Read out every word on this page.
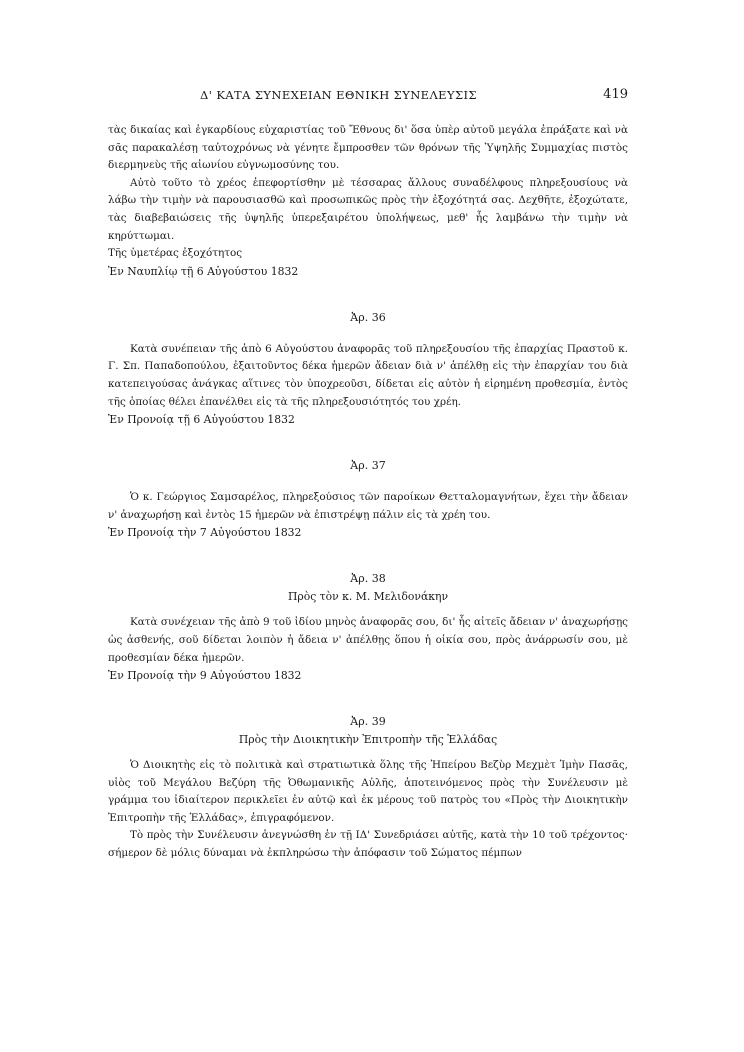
Δ' ΚΑΤΑ ΣΥΝΕΧΕΙΑΝ ΕΘΝΙΚΗ ΣΥΝΕΛΕΥΣΙΣ	419

τὰς δικαίας καὶ ἐγκαρδίους εὐχαριστίας τοῦ Ἔθνους δι' ὅσα ὑπὲρ αὐτοῦ μεγάλα ἐπράξατε καὶ νὰ σᾶς παρακαλέσῃ ταὐτοχρόνως νὰ γένητε ἔμπροσθεν τῶν θρόνων τῆς Ὑψηλῆς Συμμαχίας πιστὸς διερμηνεὺς τῆς αἰωνίου εὐγνωμοσύνης του.

Αὐτὸ τοῦτο τὸ χρέος ἐπεφορτίσθην μὲ τέσσαρας ἄλλους συναδέλφους πληρεξουσίους νὰ λάβω τὴν τιμὴν νὰ παρουσιασθῶ καὶ προσωπικῶς πρὸς τὴν ἐξοχότητά σας. Δεχθῆτε, ἐξοχώτατε, τὰς διαβεβαιώσεις τῆς ὑψηλῆς ὑπερεξαιρέτου ὑπολήψεως, μεθ' ἧς λαμβάνω τὴν τιμὴν νὰ κηρύττωμαι.

Τῆς ὑμετέρας ἐξοχότητος

Ἐν Ναυπλίῳ τῇ 6 Αὐγούστου 1832

Ἀρ. 36

Κατὰ συνέπειαν τῆς ἀπὸ 6 Αὐγούστου ἀναφορᾶς τοῦ πληρεξουσίου τῆς ἐπαρχίας Πραστοῦ κ. Γ. Σπ. Παπαδοπούλου, ἐξαιτοῦντος δέκα ἡμερῶν ἄδειαν διὰ ν' ἀπέλθῃ εἰς τὴν ἐπαρχίαν του διὰ κατεπειγούσας ἀνάγκας αἵτινες τὸν ὑποχρεοῦσι, δίδεται εἰς αὐτὸν ἡ εἰρημένη προθεσμία, ἐντὸς τῆς ὁποίας θέλει ἐπανέλθει εἰς τὰ τῆς πληρεξουσιότητός του χρέη.

Ἐν Προνοίᾳ τῇ 6 Αὐγούστου 1832

Ἀρ. 37

Ὁ κ. Γεώργιος Σαμσαρέλος, πληρεξούσιος τῶν παροίκων Θετταλομαγνήτων, ἔχει τὴν ἄδειαν ν' ἀναχωρήσῃ καὶ ἐντὸς 15 ἡμερῶν νὰ ἐπιστρέψῃ πάλιν εἰς τὰ χρέη του.

Ἐν Προνοίᾳ τὴν 7 Αὐγούστου 1832

Ἀρ. 38

Πρὸς τὸν κ. Μ. Μελιδονάκην

Κατὰ συνέχειαν τῆς ἀπὸ 9 τοῦ ἰδίου μηνὸς ἀναφορᾶς σου, δι' ἧς αἰτεῖς ἄδειαν ν' ἀναχωρήσῃς ὡς ἀσθενής, σοῦ δίδεται λοιπὸν ἡ ἄδεια ν' ἀπέλθῃς ὅπου ἡ οἰκία σου, πρὸς ἀνάρρωσίν σου, μὲ προθεσμίαν δέκα ἡμερῶν.

Ἐν Προνοίᾳ τὴν 9 Αὐγούστου 1832

Ἀρ. 39

Πρὸς τὴν Διοικητικὴν Ἐπιτροπὴν τῆς Ἑλλάδας

Ὁ Διοικητὴς εἰς τὸ πολιτικὰ καὶ στρατιωτικὰ ὅλης τῆς Ἠπείρου Βεζὺρ Μεχμὲτ Ἰμὴν Πασᾶς, υἱὸς τοῦ Μεγάλου Βεζύρη τῆς Ὀθωμανικῆς Αὐλῆς, ἀποτεινόμενος πρὸς τὴν Συνέλευσιν μὲ γράμμα του ἰδιαίτερον περικλεῖει ἐν αὐτῷ καὶ ἐκ μέρους τοῦ πατρὸς του «Πρὸς τὴν Διοικητικὴν Ἐπιτροπὴν τῆς Ἑλλάδας», ἐπιγραφόμενον.

Τὸ πρὸς τὴν Συνέλευσιν ἀνεγνώσθη ἐν τῇ ΙΔ' Συνεδριάσει αὐτῆς, κατὰ τὴν 10 τοῦ τρέχοντος· σήμερον δὲ μόλις δύναμαι νὰ ἐκπληρώσω τὴν ἀπόφασιν τοῦ Σώματος πέμπων
